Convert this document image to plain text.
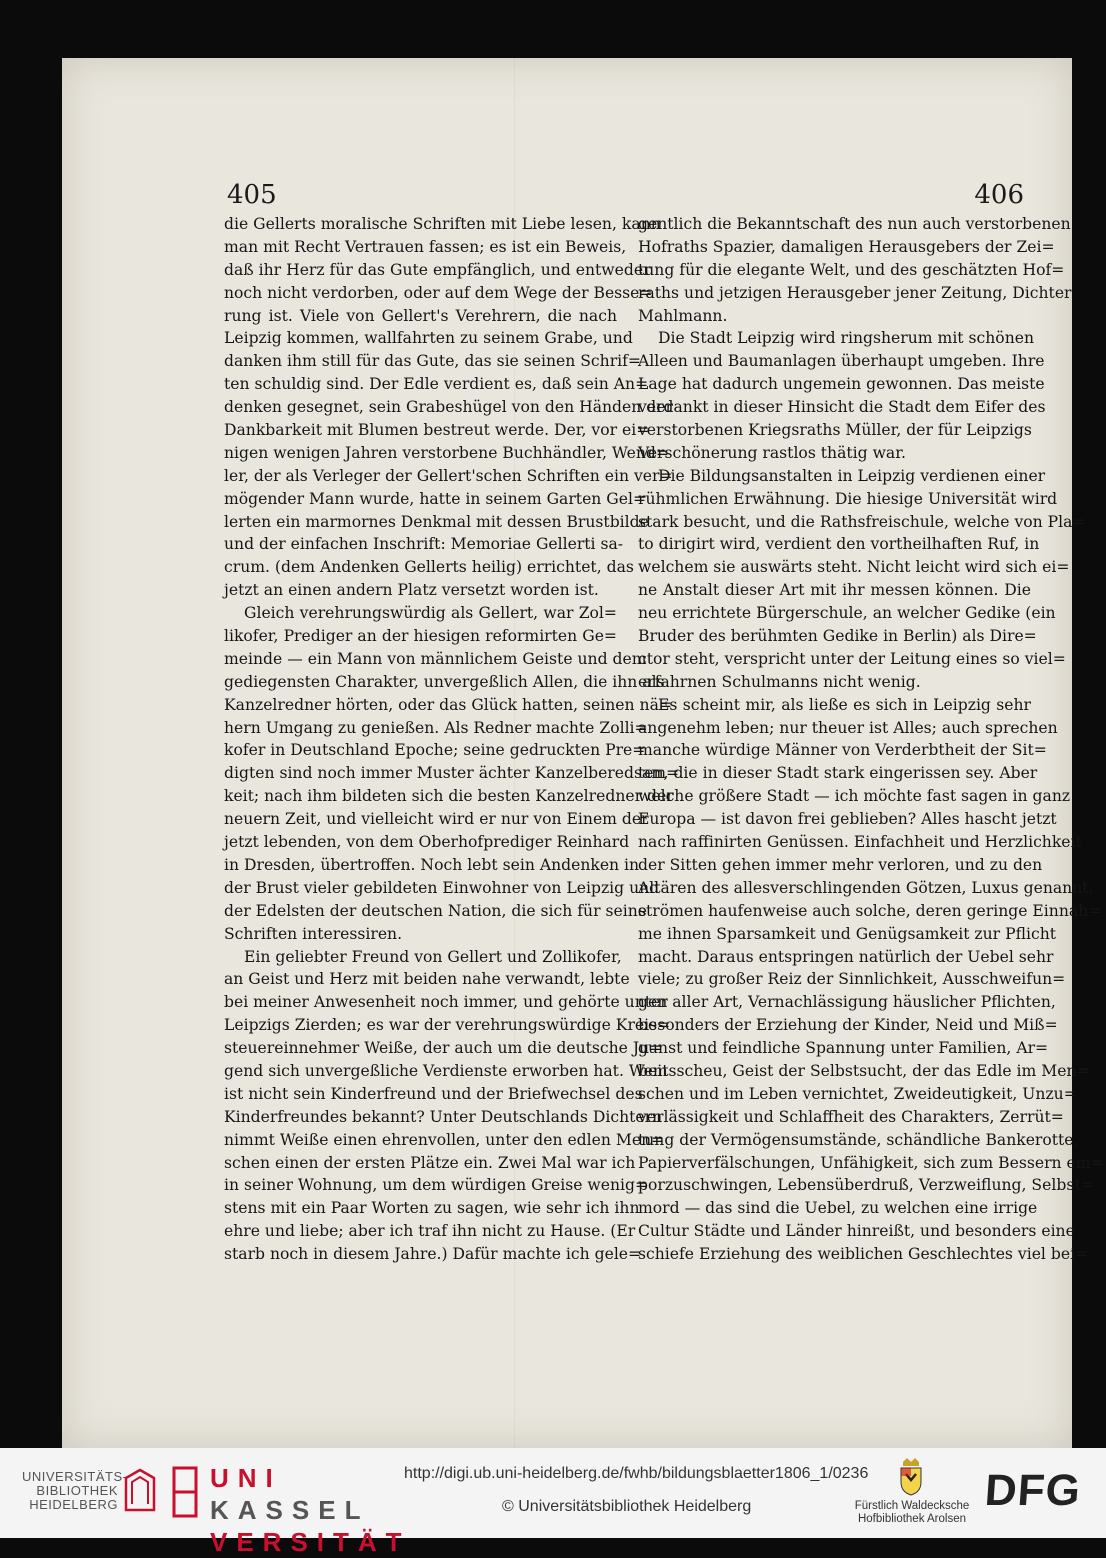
405	406
die Gellerts moralische Schriften mit Liebe lesen, kann
man mit Recht Vertrauen fassen; es ist ein Beweis,
daß ihr Herz für das Gute empfänglich, und entweder
noch nicht verdorben, oder auf dem Wege der Besse=
rung ist. Viele von Gellert's Verehrern, die nach
Leipzig kommen, wallfahrten zu seinem Grabe, und
danken ihm still für das Gute, das sie seinen Schrif=
ten schuldig sind. Der Edle verdient es, daß sein An=
denken gesegnet, sein Grabeshügel von den Händen der
Dankbarkeit mit Blumen bestreut werde. Der, vor ei=
nigen wenigen Jahren verstorbene Buchhändler, Wend=
ler, der als Verleger der Gellert'schen Schriften ein ver=
mögender Mann wurde, hatte in seinem Garten Gel=
lerten ein marmornes Denkmal mit dessen Brustbilde
und der einfachen Inschrift: Memoriae Gellerti sa-
crum. (dem Andenken Gellerts heilig) errichtet, das
jetzt an einen andern Platz versetzt worden ist.
Gleich verehrungswürdig als Gellert, war Zol=
likofer, Prediger an der hiesigen reformirten Ge=
meinde — ein Mann von männlichem Geiste und dem
gediegensten Charakter, unvergeßlich Allen, die ihn als
Kanzelredner hörten, oder das Glück hatten, seinen nä=
hern Umgang zu genießen. Als Redner machte Zolli=
kofer in Deutschland Epoche; seine gedruckten Pre=
digten sind noch immer Muster ächter Kanzelberedsam=
keit; nach ihm bildeten sich die besten Kanzelredner der
neuern Zeit, und vielleicht wird er nur von Einem der
jetzt lebenden, von dem Oberhofprediger Reinhard
in Dresden, übertroffen. Noch lebt sein Andenken in
der Brust vieler gebildeten Einwohner von Leipzig und
der Edelsten der deutschen Nation, die sich für seine
Schriften interessiren.
Ein geliebter Freund von Gellert und Zollikofer,
an Geist und Herz mit beiden nahe verwandt, lebte
bei meiner Anwesenheit noch immer, und gehörte unter
Leipzigs Zierden; es war der verehrungswürdige Kreis=
steuereinnehmer Weiße, der auch um die deutsche Ju=
gend sich unvergeßliche Verdienste erworben hat. Wem
ist nicht sein Kinderfreund und der Briefwechsel des
Kinderfreundes bekannt? Unter Deutschlands Dichtern
nimmt Weiße einen ehrenvollen, unter den edlen Men=
schen einen der ersten Plätze ein. Zwei Mal war ich
in seiner Wohnung, um dem würdigen Greise wenig=
stens mit ein Paar Worten zu sagen, wie sehr ich ihn
ehre und liebe; aber ich traf ihn nicht zu Hause. (Er
starb noch in diesem Jahre.) Dafür machte ich gele=
gentlich die Bekanntschaft des nun auch verstorbenen
Hofraths Spazier, damaligen Herausgebers der Zei=
tung für die elegante Welt, und des geschätzten Hof=
raths und jetzigen Herausgeber jener Zeitung, Dichter
Mahlmann.
Die Stadt Leipzig wird ringsherum mit schönen
Alleen und Baumanlagen überhaupt umgeben. Ihre
Lage hat dadurch ungemein gewonnen. Das meiste
verdankt in dieser Hinsicht die Stadt dem Eifer des
verstorbenen Kriegsraths Müller, der für Leipzigs
Verschönerung rastlos thätig war.
Die Bildungsanstalten in Leipzig verdienen einer
rühmlichen Erwähnung. Die hiesige Universität wird
stark besucht, und die Rathsfreischule, welche von Pla=
to dirigirt wird, verdient den vortheilhaften Ruf, in
welchem sie auswärts steht. Nicht leicht wird sich ei=
ne Anstalt dieser Art mit ihr messen können. Die
neu errichtete Bürgerschule, an welcher Gedike (ein
Bruder des berühmten Gedike in Berlin) als Dire=
ctor steht, verspricht unter der Leitung eines so viel=
erfahrnen Schulmanns nicht wenig.
Es scheint mir, als ließe es sich in Leipzig sehr
angenehm leben; nur theuer ist Alles; auch sprechen
manche würdige Männer von Verderbtheit der Sit=
ten, die in dieser Stadt stark eingerissen sey. Aber
welche größere Stadt — ich möchte fast sagen in ganz
Europa — ist davon frei geblieben? Alles hascht jetzt
nach raffinirten Genüssen. Einfachheit und Herzlichkeit
der Sitten gehen immer mehr verloren, und zu den
Altären des allesverschlingenden Götzen, Luxus genannt,
strömen haufenweise auch solche, deren geringe Einnah=
me ihnen Sparsamkeit und Genügsamkeit zur Pflicht
macht. Daraus entspringen natürlich der Uebel sehr
viele; zu großer Reiz der Sinnlichkeit, Ausschweifun=
gen aller Art, Vernachlässigung häuslicher Pflichten,
besonders der Erziehung der Kinder, Neid und Miß=
gunst und feindliche Spannung unter Familien, Ar=
beitsscheu, Geist der Selbstsucht, der das Edle im Men=
schen und im Leben vernichtet, Zweideutigkeit, Unzu=
verlässigkeit und Schlaffheit des Charakters, Zerrüt=
tung der Vermögensumstände, schändliche Bankerotte,
Papierverfälschungen, Unfähigkeit, sich zum Bessern em=
porzuschwingen, Lebensüberdruß, Verzweiflung, Selbst=
mord — das sind die Uebel, zu welchen eine irrige
Cultur Städte und Länder hinreißt, und besonders eine
schiefe Erziehung des weiblichen Geschlechtes viel bei=
UNIVERSITÄTS-
BIBLIOTHEK
HEIDELBERG
UNI
KASSEL
VERSITÄT
http://digi.ub.uni-heidelberg.de/fwhb/bildungsblaetter1806_1/0236
© Universitätsbibliothek Heidelberg	Fürstlich Waldecksche
Hofbibliothek Arolsen
DFG
